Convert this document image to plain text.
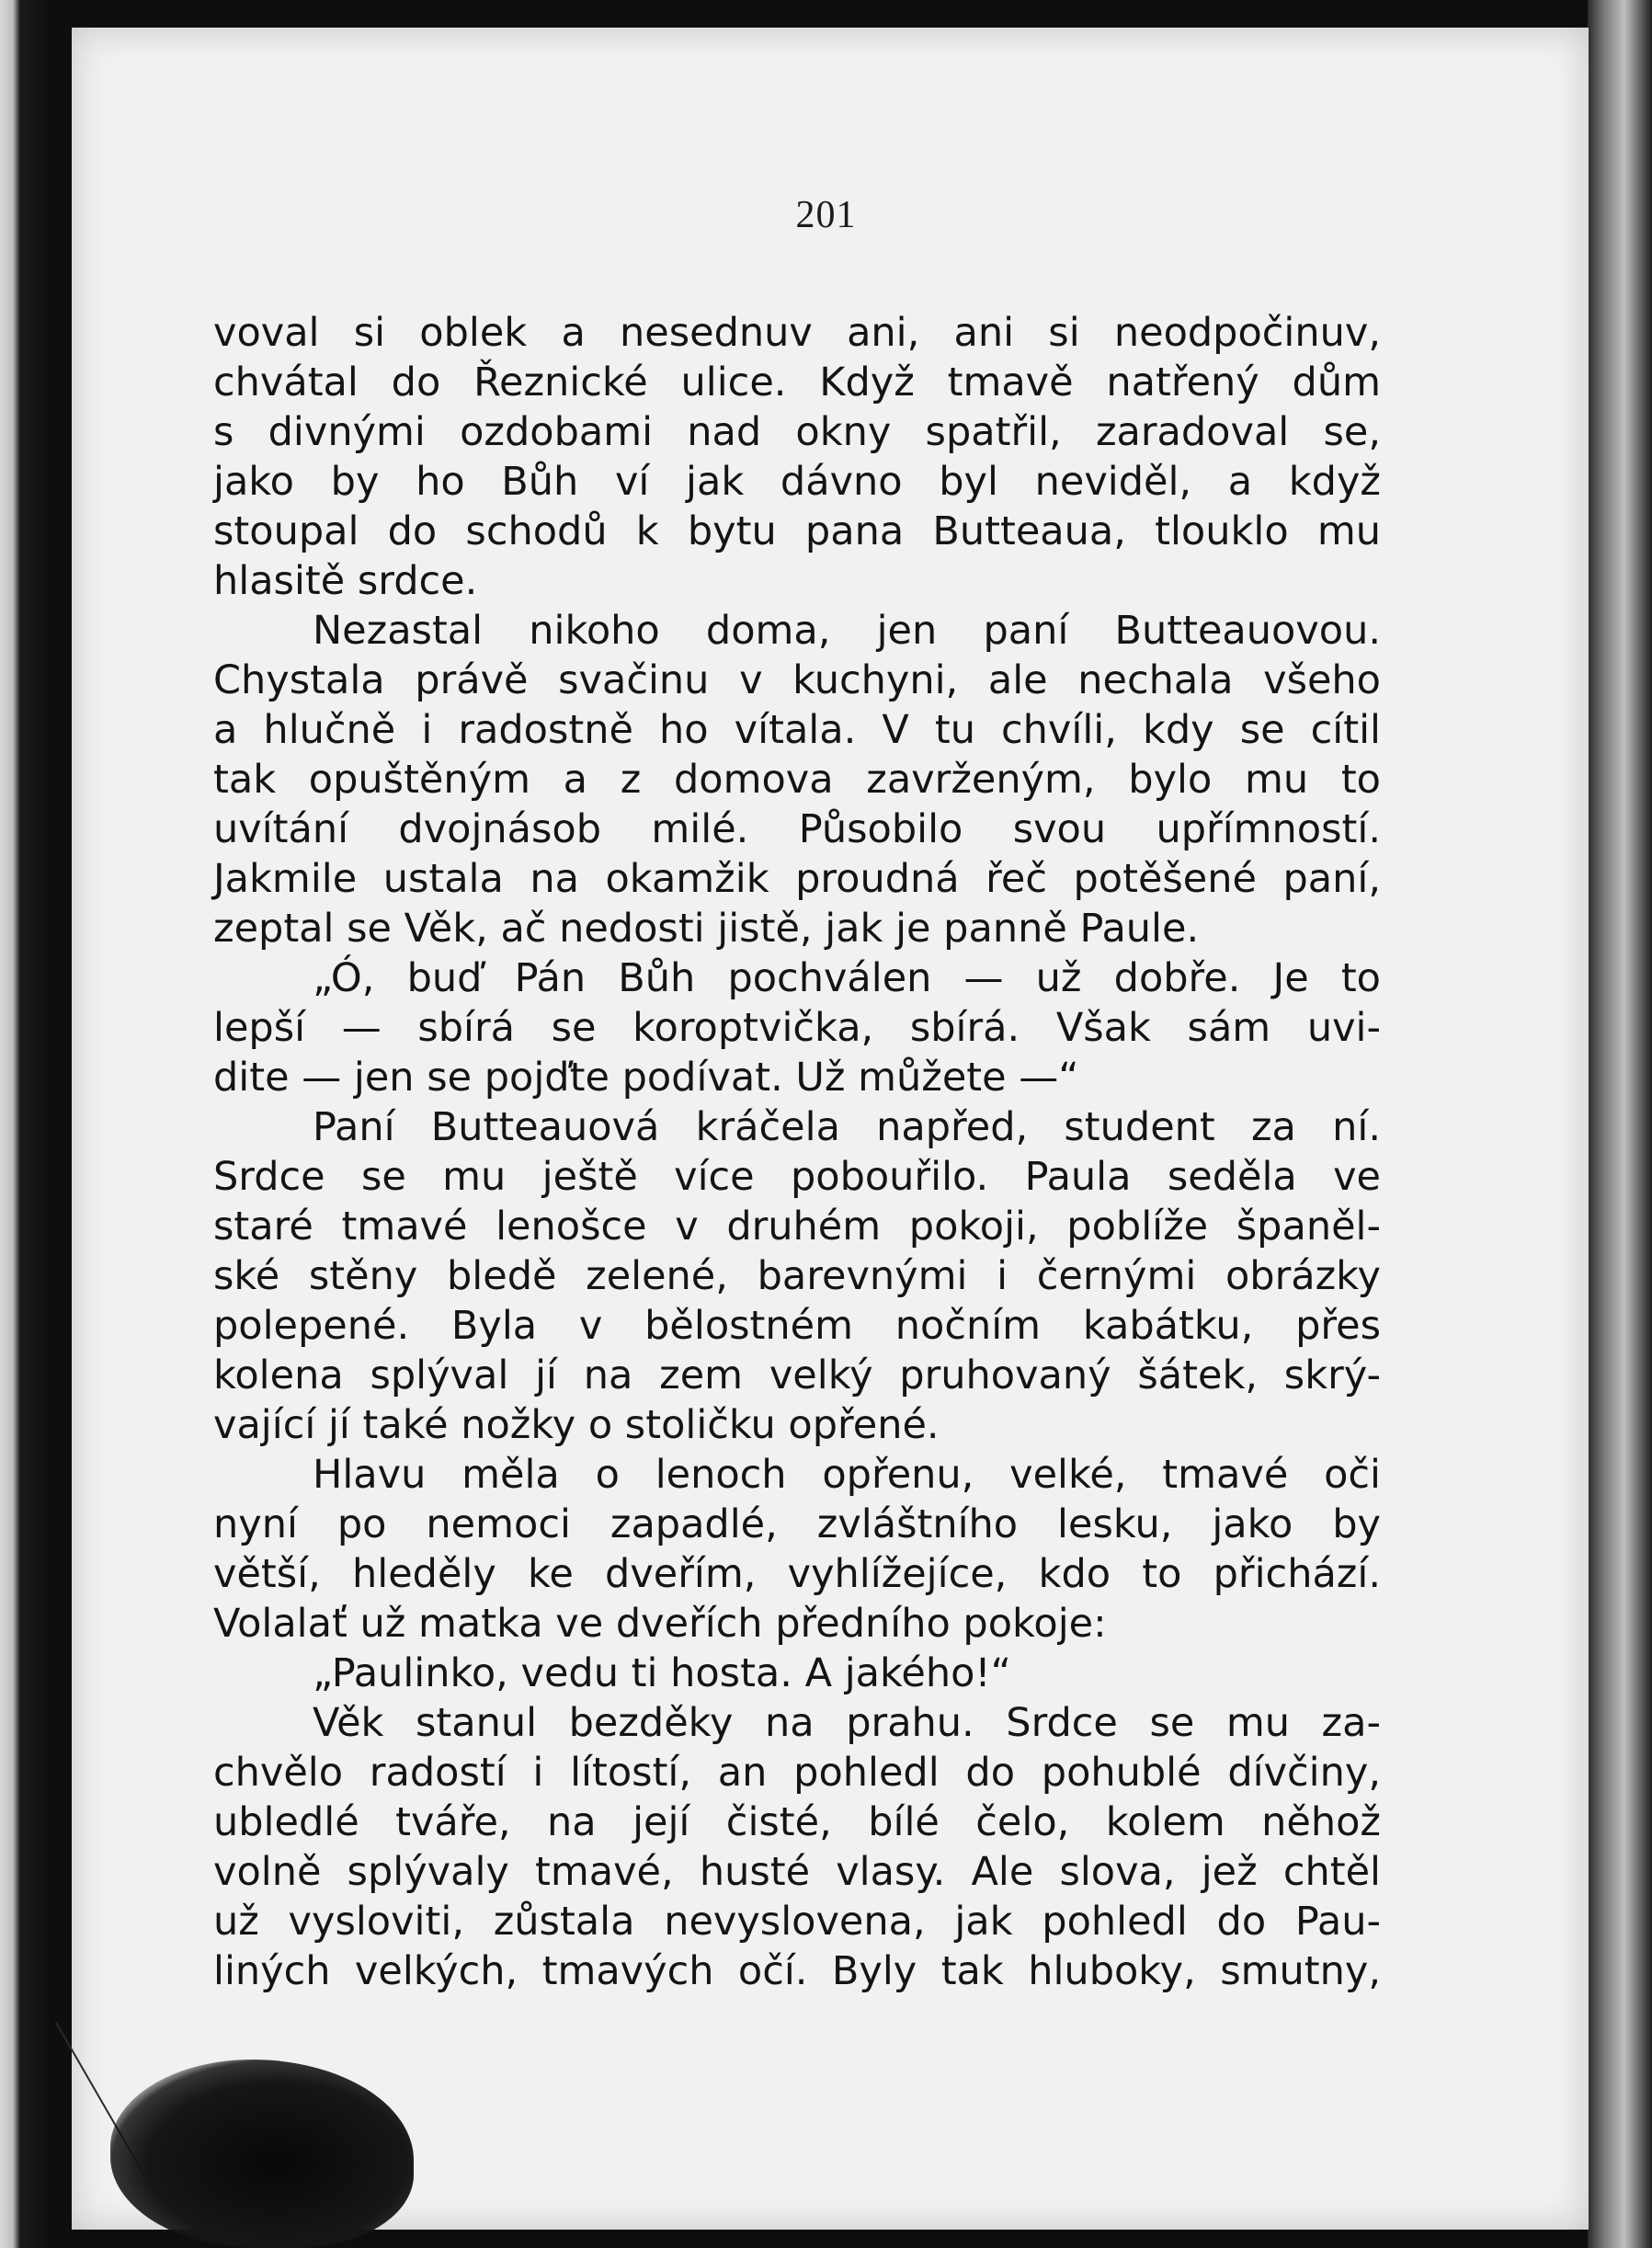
201
voval si oblek a nesednuv ani, ani si neodpočinuv,
chvátal do Řeznické ulice. Když tmavě natřený dům
s divnými ozdobami nad okny spatřil, zaradoval se,
jako by ho Bůh ví jak dávno byl neviděl, a když
stoupal do schodů k bytu pana Butteaua, tlouklo mu
hlasitě srdce.
Nezastal nikoho doma, jen paní Butteauovou.
Chystala právě svačinu v kuchyni, ale nechala všeho
a hlučně i radostně ho vítala. V tu chvíli, kdy se cítil
tak opuštěným a z domova zavrženým, bylo mu to
uvítání dvojnásob milé. Působilo svou upřímností.
Jakmile ustala na okamžik proudná řeč potěšené paní,
zeptal se Věk, ač nedosti jistě, jak je panně Paule.
„Ó, buď Pán Bůh pochválen — už dobře. Je to
lepší — sbírá se koroptvička, sbírá. Však sám uvi-
dite — jen se pojďte podívat. Už můžete —“
Paní Butteauová kráčela napřed, student za ní.
Srdce se mu ještě více pobouřilo. Paula seděla ve
staré tmavé lenošce v druhém pokoji, poblíže španěl-
ské stěny bledě zelené, barevnými i černými obrázky
polepené. Byla v bělostném nočním kabátku, přes
kolena splýval jí na zem velký pruhovaný šátek, skrý-
vající jí také nožky o stoličku opřené.
Hlavu měla o lenoch opřenu, velké, tmavé oči
nyní po nemoci zapadlé, zvláštního lesku, jako by
větší, hleděly ke dveřím, vyhlížejíce, kdo to přichází.
Volalať už matka ve dveřích předního pokoje:
„Paulinko, vedu ti hosta. A jakého!“
Věk stanul bezděky na prahu. Srdce se mu za-
chvělo radostí i lítostí, an pohledl do pohublé dívčiny,
ubledlé tváře, na její čisté, bílé čelo, kolem něhož
volně splývaly tmavé, husté vlasy. Ale slova, jež chtěl
už vysloviti, zůstala nevyslovena, jak pohledl do Pau-
liných velkých, tmavých očí. Byly tak hluboky, smutny,
